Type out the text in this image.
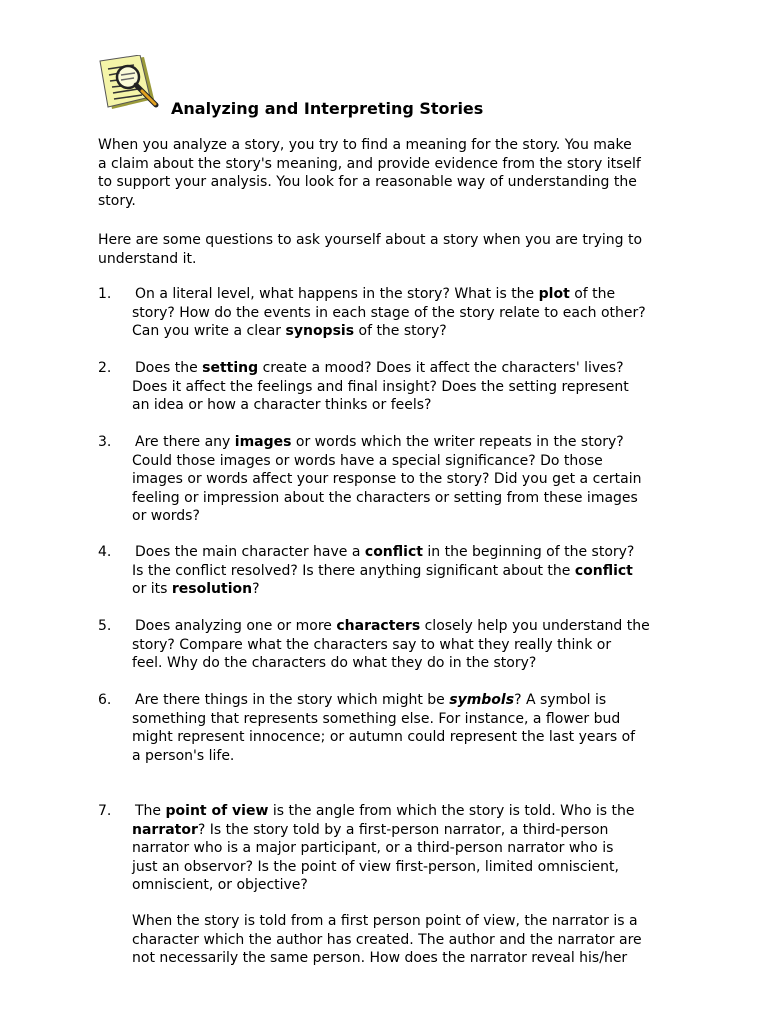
Analyzing and Interpreting Stories
When you analyze a story, you try to find a meaning for the story. You make
a claim about the story's meaning, and provide evidence from the story itself
to support your analysis. You look for a reasonable way of understanding the
story.
Here are some questions to ask yourself about a story when you are trying to
understand it.
1. On a literal level, what happens in the story? What is the plot of the
story? How do the events in each stage of the story relate to each other?
Can you write a clear synopsis of the story?
2. Does the setting create a mood? Does it affect the characters' lives?
Does it affect the feelings and final insight? Does the setting represent
an idea or how a character thinks or feels?
3. Are there any images or words which the writer repeats in the story?
Could those images or words have a special significance? Do those
images or words affect your response to the story? Did you get a certain
feeling or impression about the characters or setting from these images
or words?
4. Does the main character have a conflict in the beginning of the story?
Is the conflict resolved? Is there anything significant about the conflict
or its resolution?
5. Does analyzing one or more characters closely help you understand the
story? Compare what the characters say to what they really think or
feel. Why do the characters do what they do in the story?
6. Are there things in the story which might be symbols? A symbol is
something that represents something else. For instance, a flower bud
might represent innocence; or autumn could represent the last years of
a person's life.
7. The point of view is the angle from which the story is told. Who is the
narrator? Is the story told by a first-person narrator, a third-person
narrator who is a major participant, or a third-person narrator who is
just an observor? Is the point of view first-person, limited omniscient,
omniscient, or objective?
When the story is told from a first person point of view, the narrator is a
character which the author has created. The author and the narrator are
not necessarily the same person. How does the narrator reveal his/her
